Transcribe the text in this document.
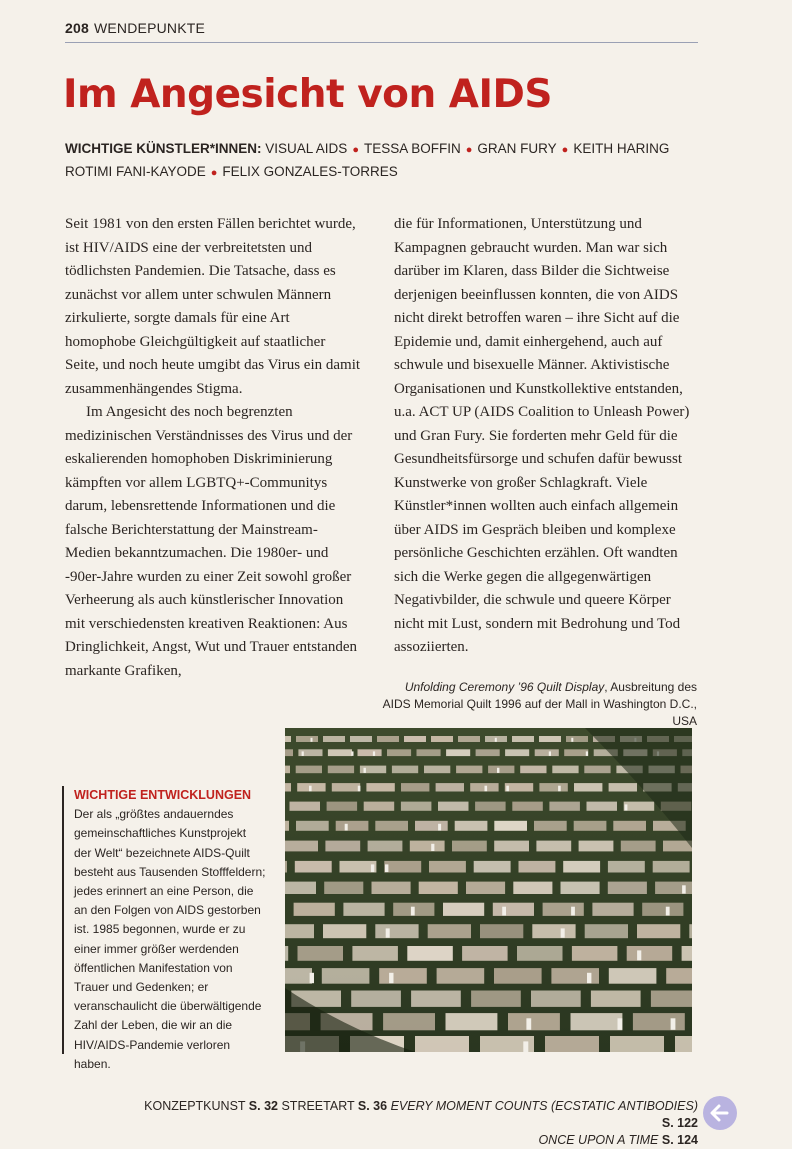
208 WENDEPUNKTE
Im Angesicht von AIDS
WICHTIGE KÜNSTLER*INNEN: VISUAL AIDS ● TESSA BOFFIN ● GRAN FURY ● KEITH HARING
ROTIMI FANI-KAYODE ● FELIX GONZALES-TORRES

Seit 1981 von den ersten Fällen berichtet wurde, ist HIV/AIDS eine der verbreitetsten und tödlichsten Pandemien. Die Tatsache, dass es zunächst vor allem unter schwulen Männern zirkulierte, sorgte damals für eine Art homophobe Gleichgültigkeit auf staatlicher Seite, und noch heute umgibt das Virus ein damit zusammenhängendes Stigma.

Im Angesicht des noch begrenzten medizinischen Verständnisses des Virus und der eskalierenden homophoben Diskriminierung kämpften vor allem LGBTQ+-Communitys darum, lebensrettende Informationen und die falsche Berichterstattung der Mainstream-Medien bekanntzumachen. Die 1980er- und -90er-Jahre wurden zu einer Zeit sowohl großer Verheerung als auch künstlerischer Innovation mit verschiedensten kreativen Reaktionen: Aus Dringlichkeit, Angst, Wut und Trauer entstanden markante Grafiken,

die für Informationen, Unterstützung und Kampagnen gebraucht wurden. Man war sich darüber im Klaren, dass Bilder die Sichtweise derjenigen beeinflussen konnten, die von AIDS nicht direkt betroffen waren – ihre Sicht auf die Epidemie und, damit einhergehend, auch auf schwule und bisexuelle Männer. Aktivistische Organisationen und Kunstkollektive entstanden, u.a. ACT UP (AIDS Coalition to Unleash Power) und Gran Fury. Sie forderten mehr Geld für die Gesundheitsfürsorge und schufen dafür bewusst Kunstwerke von großer Schlagkraft. Viele Künstler*innen wollten auch einfach allgemein über AIDS im Gespräch bleiben und komplexe persönliche Geschichten erzählen. Oft wandten sich die Werke gegen die allgegenwärtigen Negativbilder, die schwule und queere Körper nicht mit Lust, sondern mit Bedrohung und Tod assoziierten.

Unfolding Ceremony ’96 Quilt Display, Ausbreitung des AIDS Memorial Quilt 1996 auf der Mall in Washington D.C., USA
WICHTIGE ENTWICKLUNGEN

Der als „größtes andauerndes gemeinschaftliches Kunstprojekt der Welt“ bezeichnete AIDS-Quilt besteht aus Tausenden Stofffeldern; jedes erinnert an eine Person, die an den Folgen von AIDS gestorben ist. 1985 begonnen, wurde er zu einer immer größer werdenden öffentlichen Manifestation von Trauer und Gedenken; er veranschaulicht die überwältigende Zahl der Leben, die wir an die HIV/AIDS-Pandemie verloren haben.

KONZEPTKUNST S. 32 STREETART S. 36 EVERY MOMENT COUNTS (ECSTATIC ANTIBODIES) S. 122
ONCE UPON A TIME S. 124
